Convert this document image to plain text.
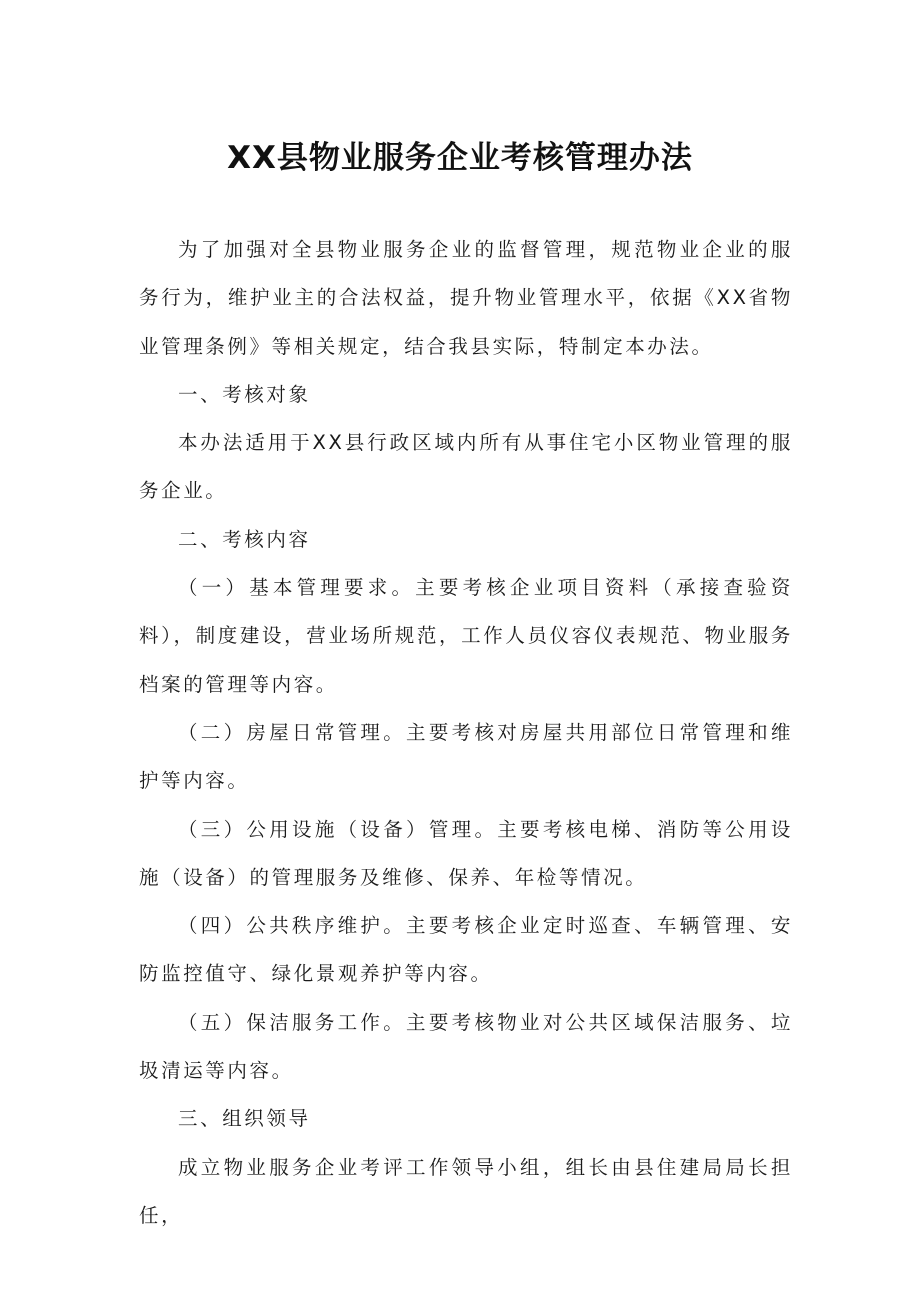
XX县物业服务企业考核管理办法

为了加强对全县物业服务企业的监督管理，规范物业企业的服务行为，维护业主的合法权益，提升物业管理水平，依据《XX省物业管理条例》等相关规定，结合我县实际，特制定本办法。

一、考核对象

本办法适用于XX县行政区域内所有从事住宅小区物业管理的服务企业。

二、考核内容

（一）基本管理要求。主要考核企业项目资料（承接查验资料），制度建设，营业场所规范，工作人员仪容仪表规范、物业服务档案的管理等内容。

（二）房屋日常管理。主要考核对房屋共用部位日常管理和维护等内容。

（三）公用设施（设备）管理。主要考核电梯、消防等公用设施（设备）的管理服务及维修、保养、年检等情况。

（四）公共秩序维护。主要考核企业定时巡查、车辆管理、安防监控值守、绿化景观养护等内容。

（五）保洁服务工作。主要考核物业对公共区域保洁服务、垃圾清运等内容。

三、组织领导

成立物业服务企业考评工作领导小组，组长由县住建局局长担任，
